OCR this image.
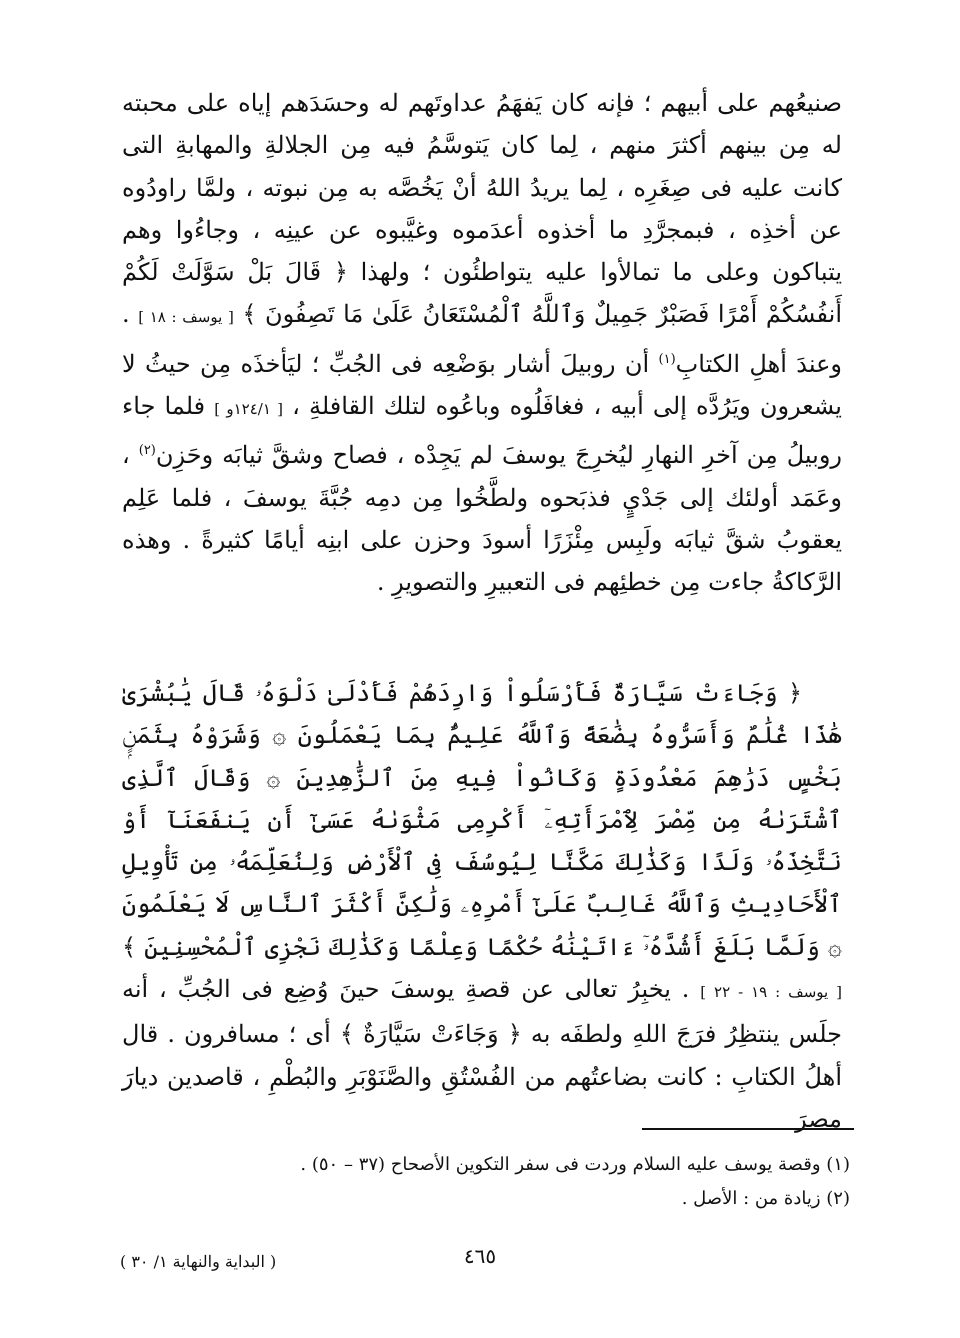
صنيعُهم على أبيهم ؛ فإنه كان يَفهَمُ عداوتَهم له وحسَدَهم إياه على محبته له مِن بينهم أكثرَ منهم ، لِما كان يَتوسَّمُ فيه مِن الجلالةِ والمهابةِ التى كانت عليه فى صِغَرِه ، لِما يريدُ اللهُ أنْ يَخُصَّه به مِن نبوته ، ولمَّا راودُوه عن أخذِه ، فبمجرَّدِ ما أخذوه أعدَموه وغيَّبوه عن عينِه ، وجاءُوا وهم يتباكون وعلى ما تمالأوا عليه يتواطئُون ؛ ولهذا ﴿ قَالَ بَلْ سَوَّلَتْ لَكُمْ أَنفُسُكُمْ أَمْرًا فَصَبْرٌ جَمِيلٌ وَٱللَّهُ ٱلْمُسْتَعَانُ عَلَىٰ مَا تَصِفُونَ ﴾ [ يوسف : ١٨ ] . وعندَ أهلِ الكتابِ$^{(١)}$ أن روبيلَ أشار بوَضْعِه فى الجُبِّ ؛ ليَأخذَه مِن حيثُ لا يشعرون ويَرُدَّه إلى أبيه ، فغافَلُوه وباعُوه لتلك القافلةِ ، [ ١٢٤/١و ] فلما جاء روبيلُ مِن آخرِ النهارِ ليُخرِجَ يوسفَ لم يَجِدْه ، فصاح وشقَّ ثيابَه وحَزِن$^{(٢)}$ ، وعَمَد أولئك إلى جَدْيٍ فذبَحوه ولطَّخُوا مِن دمِه جُبَّةَ يوسفَ ، فلما عَلِم يعقوبُ شقَّ ثيابَه ولَبِس مِئْزَرًا أسودَ وحزن على ابنِه أيامًا كثيرةً . وهذه الرَّكاكةُ جاءت مِن خطئِهم فى التعبيرِ والتصويرِ .

﴿ وَجَاءَتْ سَيَّارَةٌ فَأَرْسَلُواْ وَارِدَهُمْ فَأَدْلَىٰ دَلْوَهُۥ قَالَ يَٰبُشْرَىٰ هَٰذَا غُلَٰمٌ وَأَسَرُّوهُ بِضَٰعَةً وَٱللَّهُ عَلِيمٌۢ بِمَا يَعْمَلُونَ ۞ وَشَرَوْهُ بِثَمَنٍۭ بَخْسٍ دَرَٰهِمَ مَعْدُودَةٍ وَكَانُواْ فِيهِ مِنَ ٱلزَّٰهِدِينَ ۞ وَقَالَ ٱلَّذِى ٱشْتَرَىٰهُ مِن مِّصْرَ لِٱمْرَأَتِهِۦٓ أَكْرِمِى مَثْوَىٰهُ عَسَىٰٓ أَن يَنفَعَنَآ أَوْ نَتَّخِذَهُۥ وَلَدًا وَكَذَٰلِكَ مَكَّنَّا لِيُوسُفَ فِى ٱلْأَرْضِ وَلِنُعَلِّمَهُۥ مِن تَأْوِيلِ ٱلْأَحَادِيثِ وَٱللَّهُ غَالِبٌ عَلَىٰٓ أَمْرِهِۦ وَلَٰكِنَّ أَكْثَرَ ٱلنَّاسِ لَا يَعْلَمُونَ ۞ وَلَمَّا بَلَغَ أَشُدَّهُۥٓ ءَاتَيْنَٰهُ حُكْمًا وَعِلْمًا وَكَذَٰلِكَ نَجْزِى ٱلْمُحْسِنِينَ ﴾ [ يوسف : ١٩ - ٢٢ ] . يخبِرُ تعالى عن قصةِ يوسفَ حينَ وُضِع فى الجُبِّ ، أنه جلَس ينتظِرُ فرَجَ اللهِ ولطفَه به ﴿ وَجَاءَتْ سَيَّارَةٌ ﴾ أى ؛ مسافرون . قال أهلُ الكتابِ : كانت بضاعتُهم من الفُسْتُقِ والصَّنَوْبَرِ والبُطْمِ ، قاصدين ديارَ مصرَ

(١) وقصة يوسف عليه السلام وردت فى سفر التكوين الأصحاح (٣٧ – ٥٠) .
(٢) زيادة من : الأصل .
٤٦٥
( البداية والنهاية ١/ ٣٠ )
